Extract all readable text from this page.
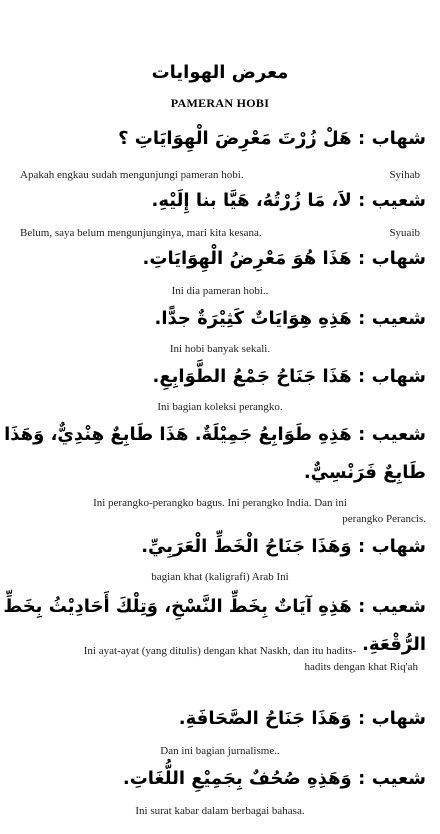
معرض الهوايات
PAMERAN HOBI
شهاب:هَلْ زُرْتَ مَعْرِضَ الْهِوَايَاتِ ؟
Apakah engkau sudah mengunjungi pameran hobi.	Syihab
شعيب:لاَ، مَا زُرْتُهُ، هَيَّا بنا إِلَيْهِ.
Belum, saya belum mengunjunginya, mari kita kesana.	Syuaib
شهاب:هَذَا هُوَ مَعْرِضُ الْهِوَايَاتِ.
Ini dia pameran hobi..
شعيب:هَذِهِ هِوَايَاتٌ كَثِيْرَةٌ جدًّا.
Ini hobi banyak sekali.
شهاب:هَذَا جَنَاحُ جَمْعُ الطَّوَابِعِ.
Ini bagian koleksi perangko.
شعيب:هَذِهِ طَوَابِعُ جَمِيْلَةٌ. هَذَا طَابِعٌ هِنْدِيٌّ، وَهَذَا
طَابِعٌ فَرَنْسِيٌّ.
Ini perangko-perangko bagus. Ini perangko India. Dan ini
perangko Perancis.
شهاب:وَهَذَا جَنَاحُ الْخَطِّ الْعَرَبِيِّ.
bagian khat (kaligrafi) Arab Ini
شعيب:هَذِهِ آيَاتٌ بِخَطِّ النَّسْخِ، وَتِلْكَ أَحَادِيْثُ بِخَطِّ
الرُّقْعَةِ.
Ini ayat-ayat (yang ditulis) dengan khat Naskh, dan itu hadits-
hadits dengan khat Riq'ah
شهاب:وَهَذَا جَنَاحُ الصَّحَافَةِ.
Dan ini bagian jurnalisme..
شعيب:وَهَذِهِ صُحُفٌ بِجَمِيْعِ اللُّغَاتِ.
Ini surat kabar dalam berbagai bahasa.
